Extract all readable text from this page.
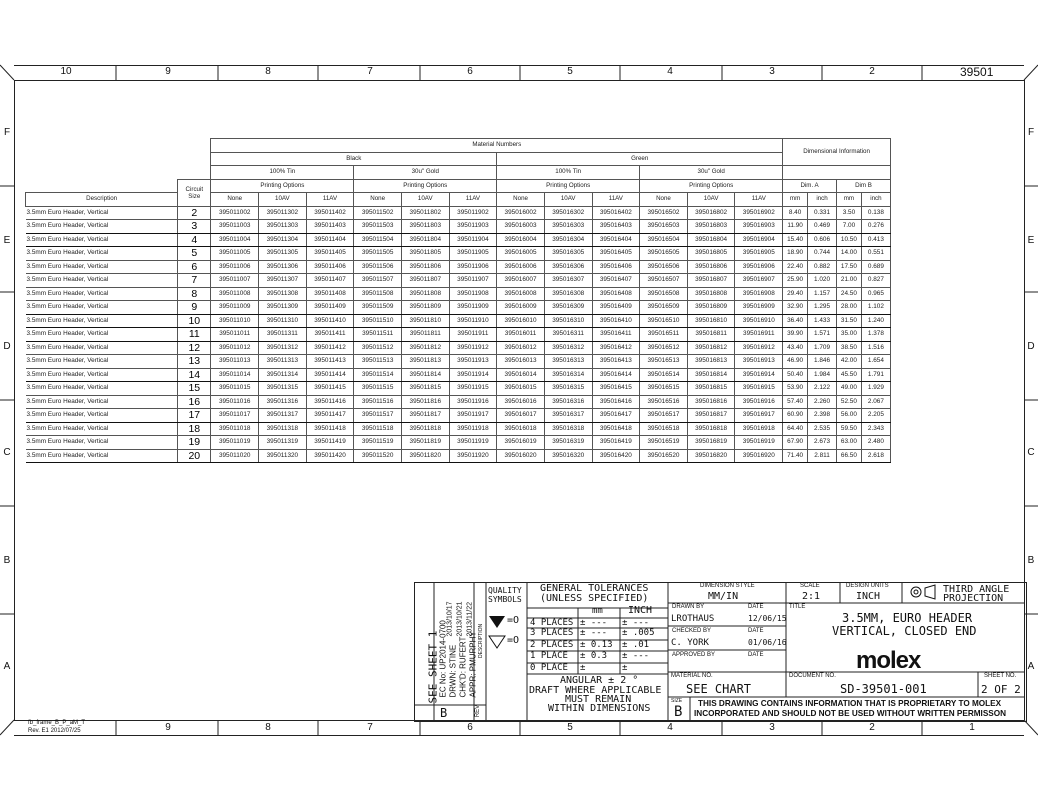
10	9	8	7	6	5	4	3	2	39501
9	8	7	6	5	4	3	2	1
fb_frame_B_P_aM_T
Rev. E1 2012/07/25
F
E
D
C
B
A
F
E
D
C
B
A
		Material Numbers												Dimensional Information			
		Black						Green									
		100% Tin			30u" Gold			100% Tin			30u" Gold						
	Circuit Size	Printing Options			Printing Options			Printing Options			Printing Options			Dim. A		Dim B	
Description		None	10AV	11AV	None	10AV	11AV	None	10AV	11AV	None	10AV	11AV	mm	inch	mm	inch
3.5mm Euro Header, Vertical	2	395011002	395011302	395011402	395011502	395011802	395011902	395016002	395016302	395016402	395016502	395016802	395016902	8.40	0.331	3.50	0.138
3.5mm Euro Header, Vertical	3	395011003	395011303	395011403	395011503	395011803	395011903	395016003	395016303	395016403	395016503	395016803	395016903	11.90	0.469	7.00	0.276
3.5mm Euro Header, Vertical	4	395011004	395011304	395011404	395011504	395011804	395011904	395016004	395016304	395016404	395016504	395016804	395016904	15.40	0.606	10.50	0.413
3.5mm Euro Header, Vertical	5	395011005	395011305	395011405	395011505	395011805	395011905	395016005	395016305	395016405	395016505	395016805	395016905	18.90	0.744	14.00	0.551
3.5mm Euro Header, Vertical	6	395011006	395011306	395011406	395011506	395011806	395011906	395016006	395016306	395016406	395016506	395016806	395016906	22.40	0.882	17.50	0.689
3.5mm Euro Header, Vertical	7	395011007	395011307	395011407	395011507	395011807	395011907	395016007	395016307	395016407	395016507	395016807	395016907	25.90	1.020	21.00	0.827
3.5mm Euro Header, Vertical	8	395011008	395011308	395011408	395011508	395011808	395011908	395016008	395016308	395016408	395016508	395016808	395016908	29.40	1.157	24.50	0.965
3.5mm Euro Header, Vertical	9	395011009	395011309	395011409	395011509	395011809	395011909	395016009	395016309	395016409	395016509	395016809	395016909	32.90	1.295	28.00	1.102
3.5mm Euro Header, Vertical	10	395011010	395011310	395011410	395011510	395011810	395011910	395016010	395016310	395016410	395016510	395016810	395016910	36.40	1.433	31.50	1.240
3.5mm Euro Header, Vertical	11	395011011	395011311	395011411	395011511	395011811	395011911	395016011	395016311	395016411	395016511	395016811	395016911	39.90	1.571	35.00	1.378
3.5mm Euro Header, Vertical	12	395011012	395011312	395011412	395011512	395011812	395011912	395016012	395016312	395016412	395016512	395016812	395016912	43.40	1.709	38.50	1.516
3.5mm Euro Header, Vertical	13	395011013	395011313	395011413	395011513	395011813	395011913	395016013	395016313	395016413	395016513	395016813	395016913	46.90	1.846	42.00	1.654
3.5mm Euro Header, Vertical	14	395011014	395011314	395011414	395011514	395011814	395011914	395016014	395016314	395016414	395016514	395016814	395016914	50.40	1.984	45.50	1.791
3.5mm Euro Header, Vertical	15	395011015	395011315	395011415	395011515	395011815	395011915	395016015	395016315	395016415	395016515	395016815	395016915	53.90	2.122	49.00	1.929
3.5mm Euro Header, Vertical	16	395011016	395011316	395011416	395011516	395011816	395011916	395016016	395016316	395016416	395016516	395016816	395016916	57.40	2.260	52.50	2.067
3.5mm Euro Header, Vertical	17	395011017	395011317	395011417	395011517	395011817	395011917	395016017	395016317	395016417	395016517	395016817	395016917	60.90	2.398	56.00	2.205
3.5mm Euro Header, Vertical	18	395011018	395011318	395011418	395011518	395011818	395011918	395016018	395016318	395016418	395016518	395016818	395016918	64.40	2.535	59.50	2.343
3.5mm Euro Header, Vertical	19	395011019	395011319	395011419	395011519	395011819	395011919	395016019	395016319	395016419	395016519	395016819	395016919	67.90	2.673	63.00	2.480
3.5mm Euro Header, Vertical	20	395011020	395011320	395011420	395011520	395011820	395011920	395016020	395016320	395016420	395016520	395016820	395016920	71.40	2.811	66.50	2.618
SEE SHEET 1 EC No: UP2014-0700 DRWN: STINE CHK'D: RUFERT APPR: PMURPHY
2013/10/17 2013/10/21 2013/11/22
DESCRIPTION
B	REV
QUALITY SYMBOLS
=O
=O
GENERAL TOLERANCES
(UNLESS SPECIFIED)
mm	INCH
4 PLACES ± --- ± ---
3 PLACES ± --- ± .005
2 PLACES ± 0.13 ± .01
1 PLACE ± 0.3 ± ---
0 PLACE ±	±
ANGULAR ± 2 °
DRAFT WHERE APPLICABLE
MUST REMAIN
WITHIN DIMENSIONS
DIMENSION STYLE
MM/IN
SCALE
2:1
DESIGN UNITS
INCH
THIRD ANGLE
PROJECTION
DRAWN BY	DATE
LROTHAUS	12/06/15
CHECKED BY	DATE
C. YORK	01/06/16
APPROVED BY	DATE
TITLE
3.5MM, EURO HEADER
VERTICAL, CLOSED END
molex
MATERIAL NO.
SEE CHART
DOCUMENT NO.
SD-39501-001
SHEET NO.
2 OF 2
SIZE
B
THIS DRAWING CONTAINS INFORMATION THAT IS PROPRIETARY TO MOLEX
INCORPORATED AND SHOULD NOT BE USED WITHOUT WRITTEN PERMISSON
